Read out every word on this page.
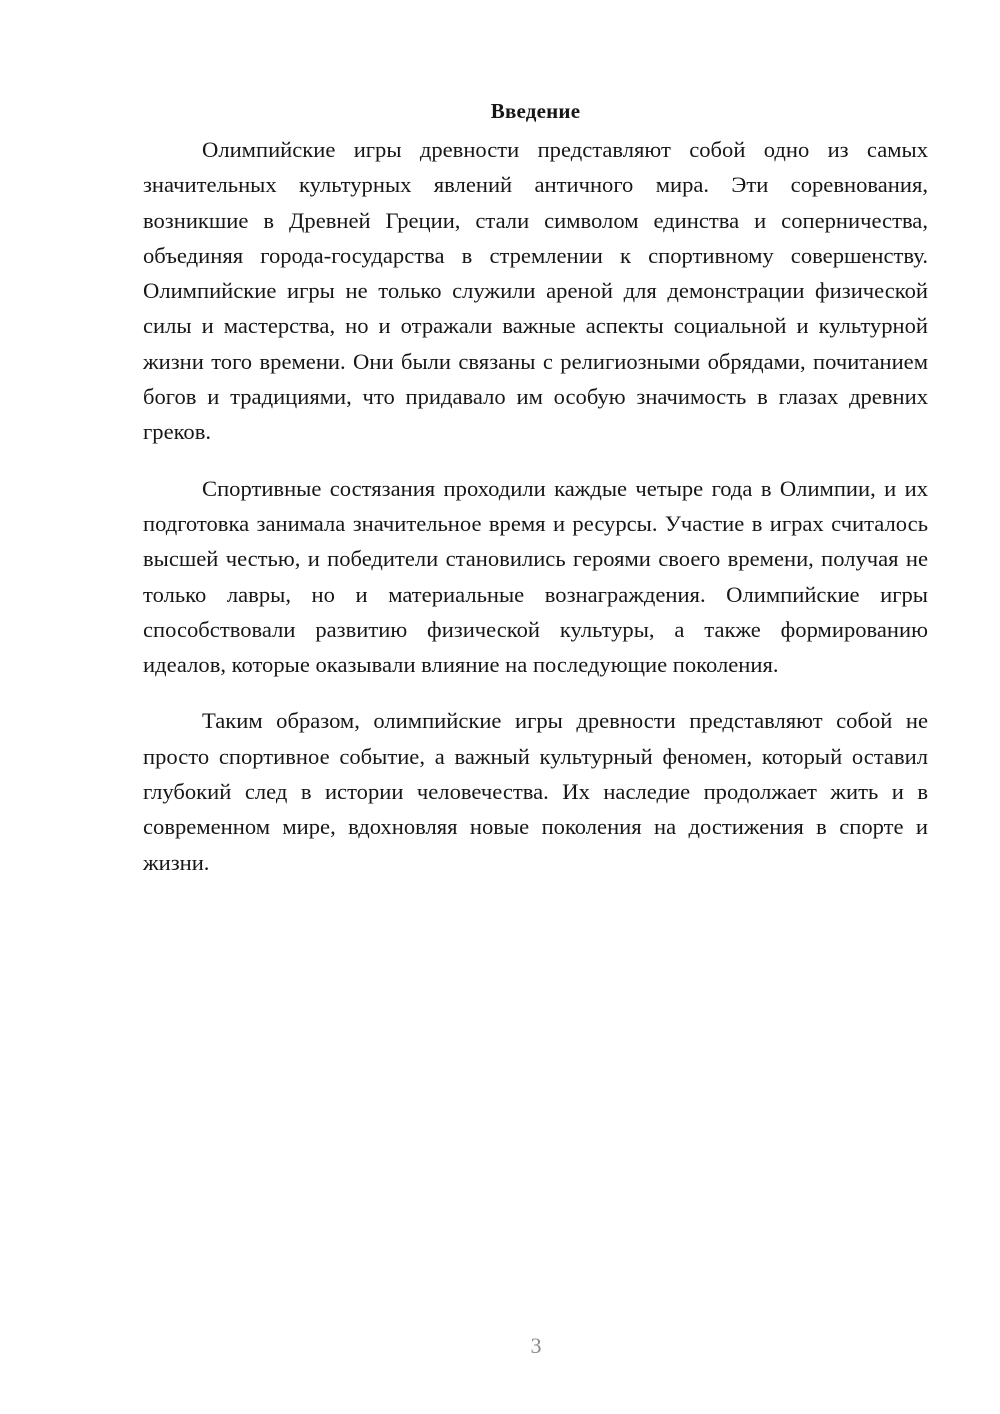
Введение

Олимпийские игры древности представляют собой одно из самых значительных культурных явлений античного мира. Эти соревнования, возникшие в Древней Греции, стали символом единства и соперничества, объединяя города-государства в стремлении к спортивному совершенству. Олимпийские игры не только служили ареной для демонстрации физической силы и мастерства, но и отражали важные аспекты социальной и культурной жизни того времени. Они были связаны с религиозными обрядами, почитанием богов и традициями, что придавало им особую значимость в глазах древних греков.

Спортивные состязания проходили каждые четыре года в Олимпии, и их подготовка занимала значительное время и ресурсы. Участие в играх считалось высшей честью, и победители становились героями своего времени, получая не только лавры, но и материальные вознаграждения. Олимпийские игры способствовали развитию физической культуры, а также формированию идеалов, которые оказывали влияние на последующие поколения.

Таким образом, олимпийские игры древности представляют собой не просто спортивное событие, а важный культурный феномен, который оставил глубокий след в истории человечества. Их наследие продолжает жить и в современном мире, вдохновляя новые поколения на достижения в спорте и жизни.

3
